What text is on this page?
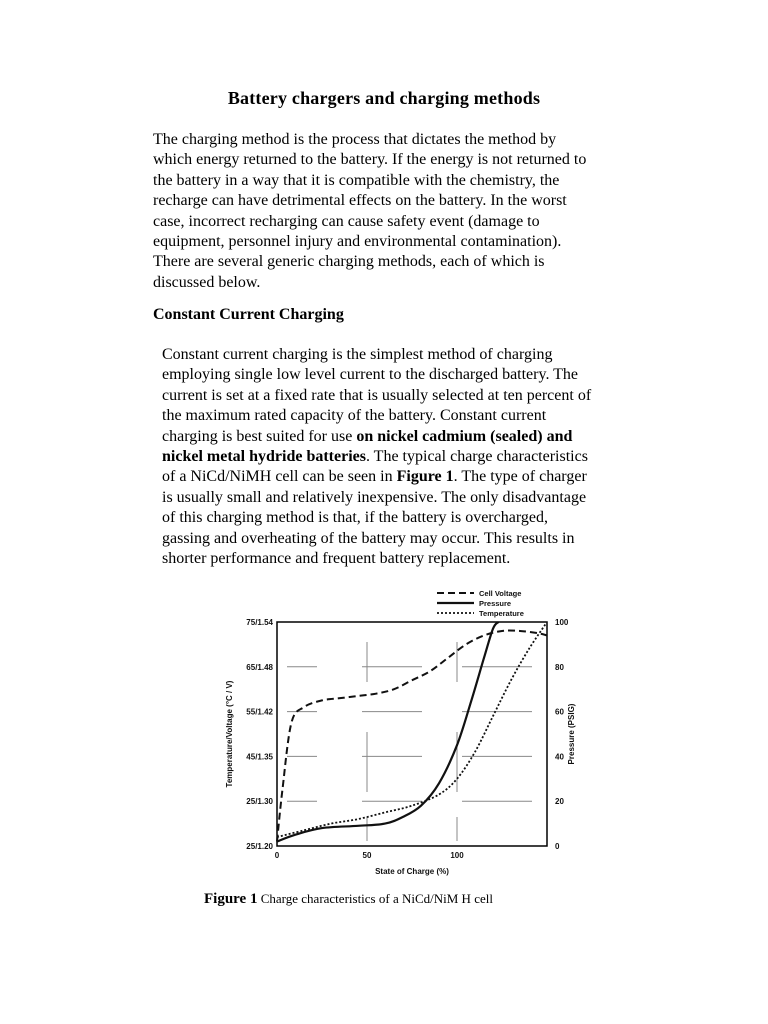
Battery chargers and charging methods
The charging method is the process that dictates the method by
which energy returned to the battery. If the energy is not returned to
the battery in a way that it is compatible with the chemistry, the
recharge can have detrimental effects on the battery. In the worst
case, incorrect recharging can cause safety event (damage to
equipment, personnel injury and environmental contamination).
There are several generic charging methods, each of which is
discussed below.
Constant Current Charging
Constant current charging is the simplest method of charging
employing single low level current to the discharged battery. The
current is set at a fixed rate that is usually selected at ten percent of
the maximum rated capacity of the battery. Constant current
charging is best suited for use on nickel cadmium (sealed) and
nickel metal hydride batteries. The typical charge characteristics
of a NiCd/NiMH cell can be seen in Figure 1. The type of charger
is usually small and relatively inexpensive. The only disadvantage
of this charging method is that, if the battery is overcharged,
gassing and overheating of the battery may occur. This results in
shorter performance and frequent battery replacement.
25/1.20
25/1.30
45/1.35
55/1.42
65/1.48
75/1.54
0
20
40
60
80
100
0	50	100
State of Charge (%)
Temperature/Voltage (°C / V)	Pressure (PSIG)
Cell Voltage
Pressure
Temperature
Figure 1 Charge characteristics of a NiCd/NiM H cell
